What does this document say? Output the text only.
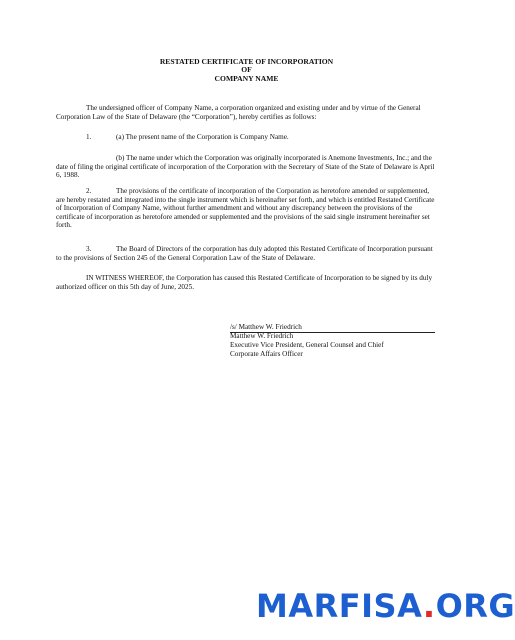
RESTATED CERTIFICATE OF INCORPORATION
OF
COMPANY NAME

The undersigned officer of Company Name, a corporation organized and existing under and by virtue of the General Corporation Law of the State of Delaware (the “Corporation”), hereby certifies as follows:

1.	(a) The present name of the Corporation is Company Name.

(b) The name under which the Corporation was originally incorporated is Anemone Investments, Inc.; and the date of filing the original certificate of incorporation of the Corporation with the Secretary of State of the State of Delaware is April 6, 1988.

2.	The provisions of the certificate of incorporation of the Corporation as heretofore amended or supplemented, are hereby restated and integrated into the single instrument which is hereinafter set forth, and which is entitled Restated Certificate of Incorporation of Company Name, without further amendment and without any discrepancy between the provisions of the certificate of incorporation as heretofore amended or supplemented and the provisions of the said single instrument hereinafter set forth.

3.	The Board of Directors of the corporation has duly adopted this Restated Certificate of Incorporation pursuant to the provisions of Section 245 of the General Corporation Law of the State of Delaware.

IN WITNESS WHEREOF, the Corporation has caused this Restated Certificate of Incorporation to be signed by its duly authorized officer on this 5th day of June, 2025.

/s/ Matthew W. Friedrich
Matthew W. Friedrich
Executive Vice President, General Counsel and Chief
Corporate Affairs Officer
MARFISA.ORG
